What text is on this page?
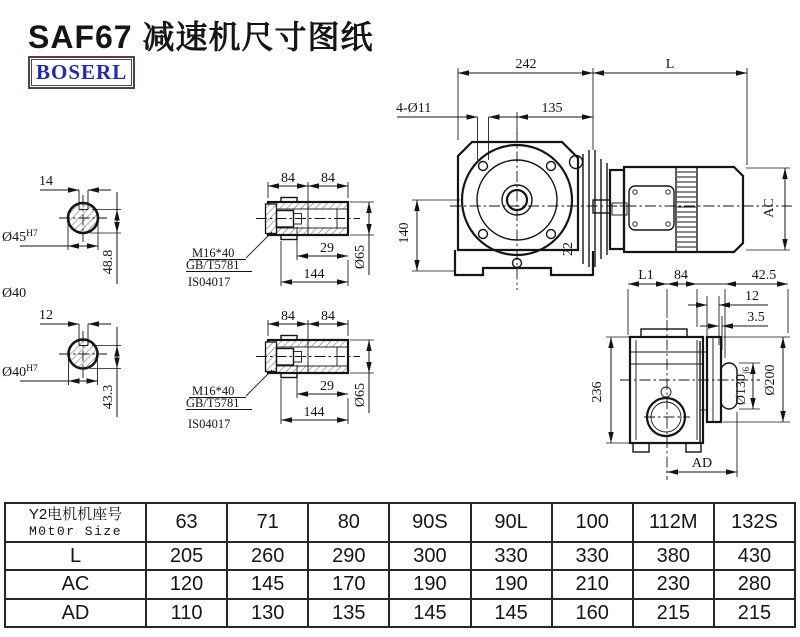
SAF67 减速机尺寸图纸
BOSERL
14
$Ø45^{H7}$
48.8
Ø40
12
$Ø40^{H7}$
43.3
84 84
29
144
Ø65
M16*40
GB/T5781
IS04017
84 84
29
144
Ø65
M16*40
GB/T5781
IS04017
242	L
4-Ø11	135
140
22
AC
L1 84	42.5
12
3.5
236	$Ø130_{j6}$ Ø200
AD
Y2电机机座号
M0t0r Size	63	71	80	90S	90L	100	112M	132S
L	205	260	290	300	330	330	380	430
AC	120	145	170	190	190	210	230	280
AD	110	130	135	145	145	160	215	215
